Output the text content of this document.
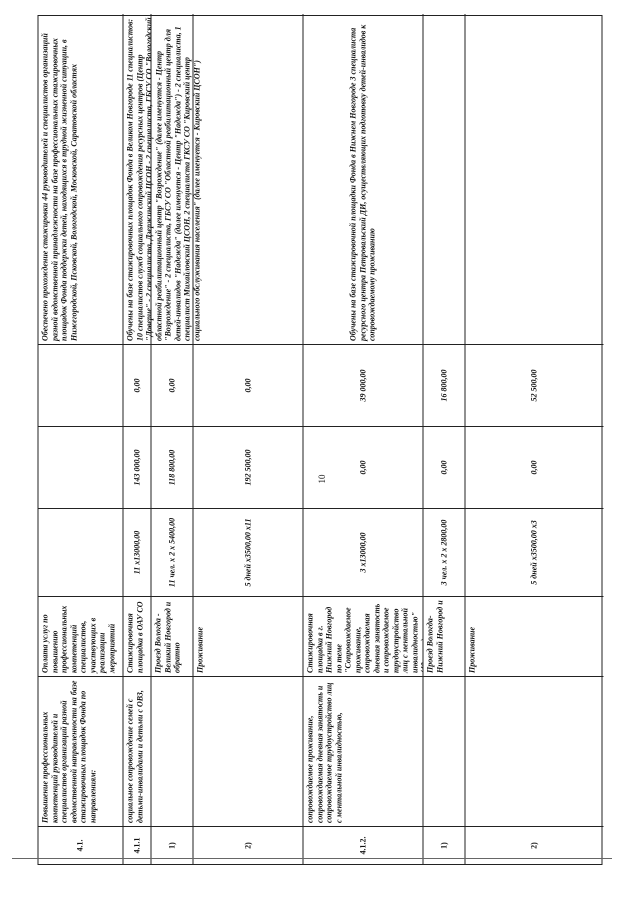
10
4.1.
Повышение профессиональных компетенций руководителей и специалистов организаций разной ведомственной направленности на базе стажировочных площадок Фонда по направлениям:
Оплата услуг по повышению профессиональных компетенций специалистов, участвующих в реализации мероприятий
Обеспечено прохождение стажировки 44 руководителей и специалистов организаций разной ведомственной принадлежности на базе профессиональных стажировочных площадок Фонда поддержки детей, находящихся в трудной жизненной ситуации, в Нижегородской, Псковской, Вологодской, Московской, Саратовской областях
4.1.1
социальное сопровождение семей с детьми-инвалидами и детьми с ОВЗ,
Стажировочная площадка в ОАУ СО
11 х13000,00
143 000,00
0,00
Обучены на базе стажировочных площадок Фонда в Великом Новгороде 11 специалистов: 10 специалистов служб социального сопровождения ресурсных центров (Центр "Доверие" - 2 специалиста, Дзержинский ЦСОН - 2 специалиста, ГБСУ СО "Вологодский областной реабилитационный центр "Возрождение" (далее именуется - Центр "Возрождение" - 2 специалиста, ГБСУ СО "Областной реабилитационный центр для детей-инвалидов "Надежда" (далее именуется - Центр "Надежда") - 2 специалиста, 1 специалист Михайловский ЦСОН, 2 специалиста ГКСУ СО "Кировский центр социального обслуживания населения" (далее именуется - Кировский ЦСОН")
1)
Проезд Вологда - Великий Новгород и обратно
11 чел. х 2 х 5400,00
118 800,00
0,00
2)
Проживание
5 дней х3500,00 х11
192 500,00
0,00
4.1.2.
сопровождаемое проживание, сопровождаемая дневная занятость и сопровождаемое трудоустройство лиц с ментальной инвалидностью,
Стажировочная площадка в г. Нижний Новгород по теме "Сопровождаемое проживание, сопровождаемая дневная занятость и сопровождаемое трудоустройство лиц с ментальной инвалидностью" (40 часов)
3 х13000,00
0,00
39 000,00
Обучены на базе стажировочной площадки Фонда в Нижнем Новгороде 3 специалиста ресурсного центра Петровальский ДИ, осуществляющих подготовку детей-инвалидов к сопровождаемому проживанию
1)
Проезд Вологда-Нижний Новгород и
3 чел. х 2 х 2800,00
0,00
16 800,00
2)
Проживание
5 дней х3500,00 х3
0,00
52 500,00
